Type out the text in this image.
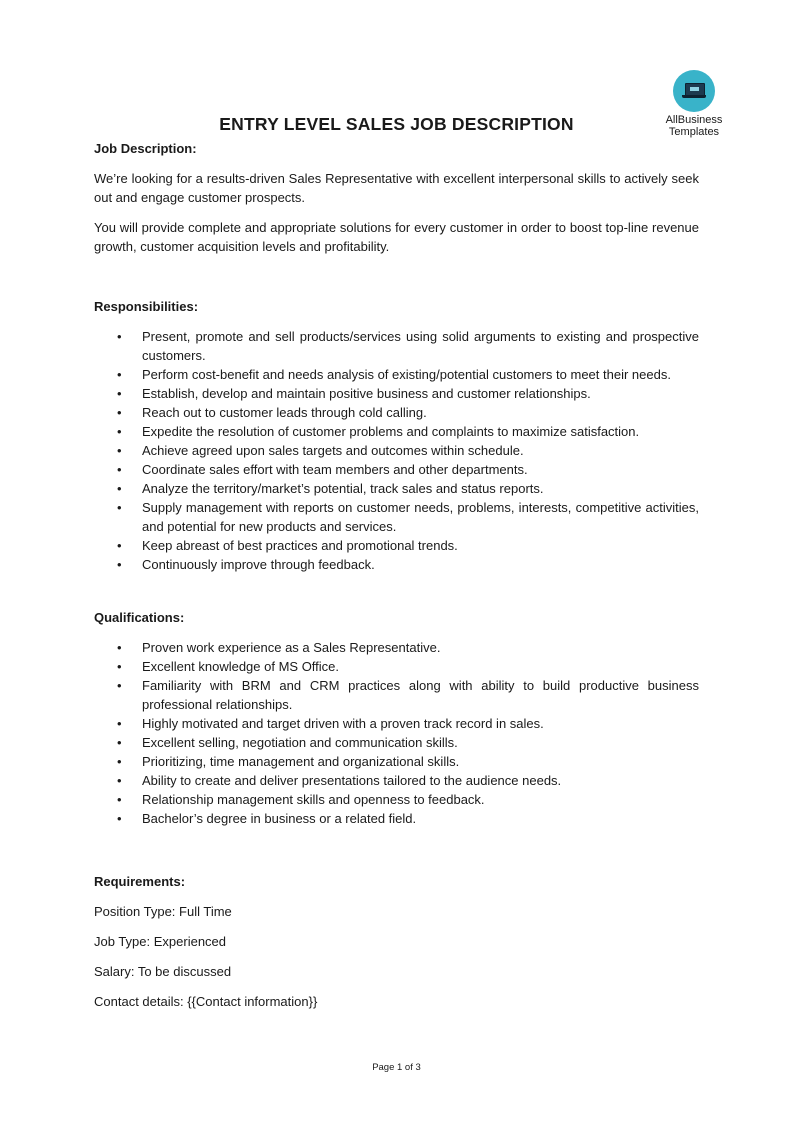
AllBusiness
Templates
ENTRY LEVEL SALES JOB DESCRIPTION
Job Description:

We’re looking for a results-driven Sales Representative with excellent interpersonal skills to actively seek out and engage customer prospects.

You will provide complete and appropriate solutions for every customer in order to boost top-line revenue growth, customer acquisition levels and profitability.

Responsibilities:
• Present, promote and sell products/services using solid arguments to existing and prospective customers.
• Perform cost-benefit and needs analysis of existing/potential customers to meet their needs.
• Establish, develop and maintain positive business and customer relationships.
• Reach out to customer leads through cold calling.
• Expedite the resolution of customer problems and complaints to maximize satisfaction.
• Achieve agreed upon sales targets and outcomes within schedule.
• Coordinate sales effort with team members and other departments.
• Analyze the territory/market’s potential, track sales and status reports.
• Supply management with reports on customer needs, problems, interests, competitive activities, and potential for new products and services.
• Keep abreast of best practices and promotional trends.
• Continuously improve through feedback.
Qualifications:
• Proven work experience as a Sales Representative.
• Excellent knowledge of MS Office.
• Familiarity with BRM and CRM practices along with ability to build productive business professional relationships.
• Highly motivated and target driven with a proven track record in sales.
• Excellent selling, negotiation and communication skills.
• Prioritizing, time management and organizational skills.
• Ability to create and deliver presentations tailored to the audience needs.
• Relationship management skills and openness to feedback.
• Bachelor’s degree in business or a related field.
Requirements:
Position Type: Full Time
Job Type: Experienced
Salary: To be discussed
Contact details: {{Contact information}}
Page 1 of 3
